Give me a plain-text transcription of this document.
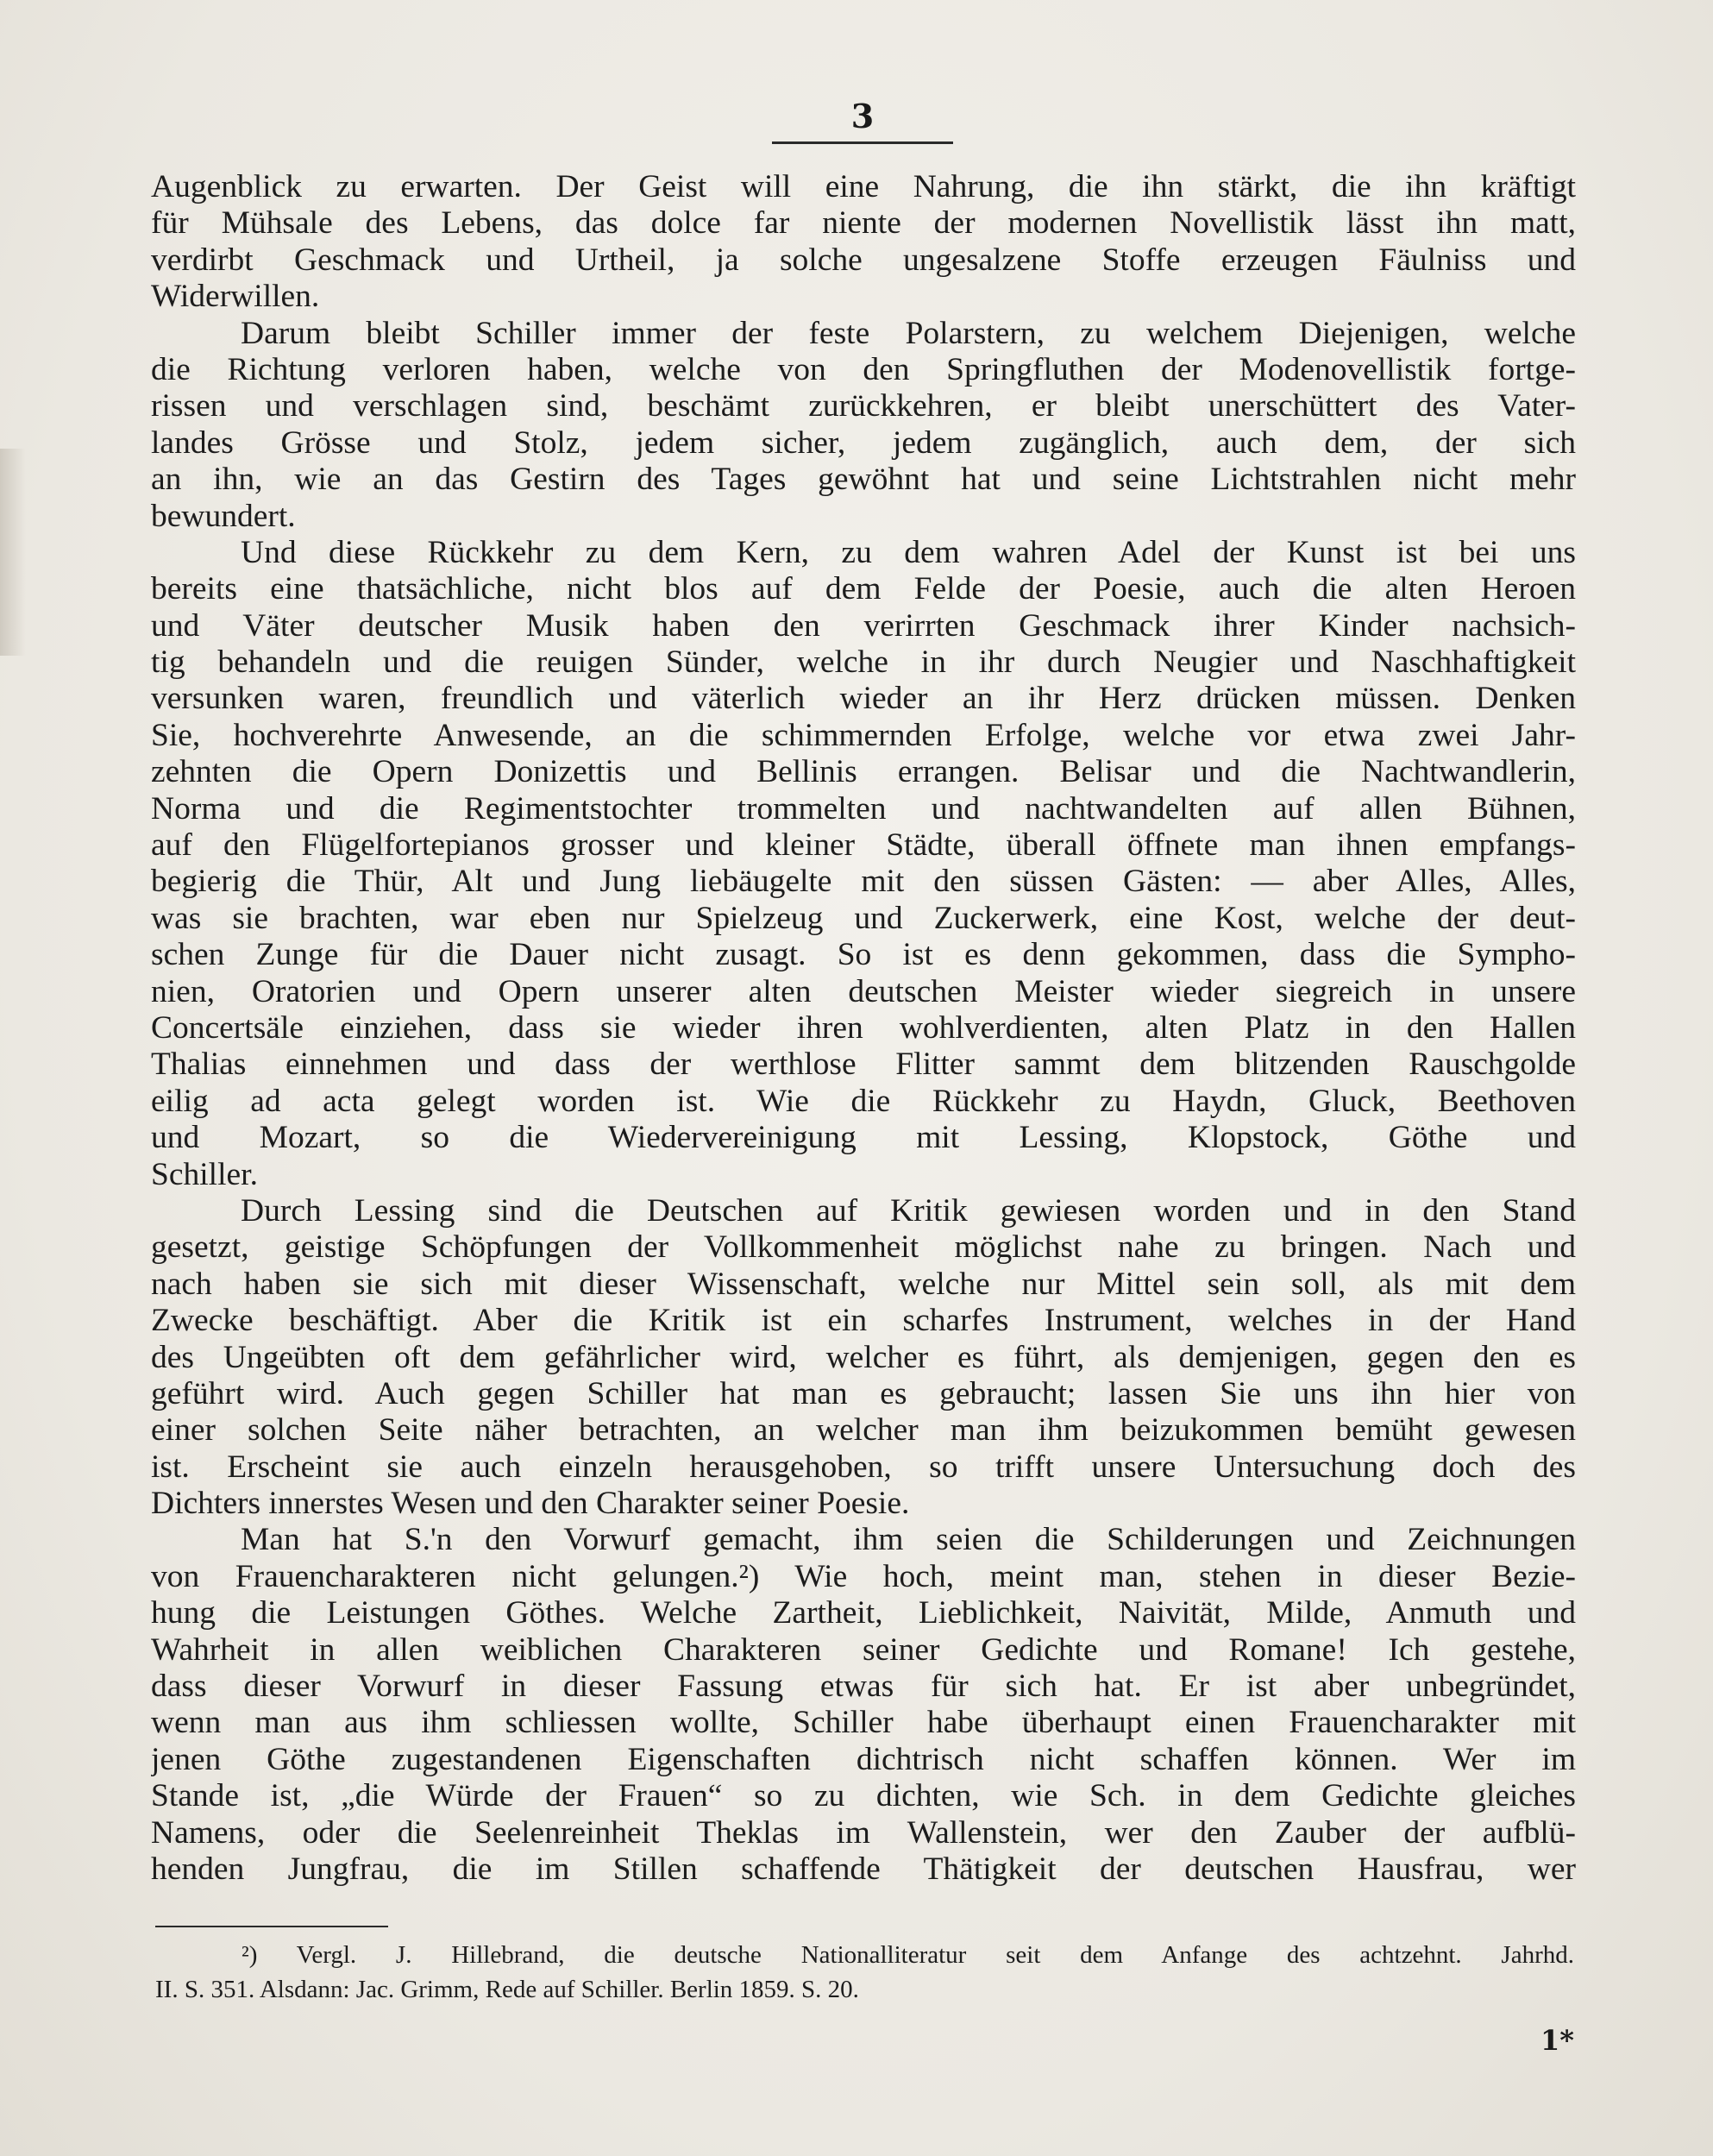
3
Augenblick zu erwarten. Der Geist will eine Nahrung, die ihn stärkt, die ihn kräftigt
für Mühsale des Lebens, das dolce far niente der modernen Novellistik lässt ihn matt,
verdirbt Geschmack und Urtheil, ja solche ungesalzene Stoffe erzeugen Fäulniss und
Widerwillen.
Darum bleibt Schiller immer der feste Polarstern, zu welchem Diejenigen, welche
die Richtung verloren haben, welche von den Springfluthen der Modenovellistik fortge-
rissen und verschlagen sind, beschämt zurückkehren, er bleibt unerschüttert des Vater-
landes Grösse und Stolz, jedem sicher, jedem zugänglich, auch dem, der sich
an ihn, wie an das Gestirn des Tages gewöhnt hat und seine Lichtstrahlen nicht mehr
bewundert.
Und diese Rückkehr zu dem Kern, zu dem wahren Adel der Kunst ist bei uns
bereits eine thatsächliche, nicht blos auf dem Felde der Poesie, auch die alten Heroen
und Väter deutscher Musik haben den verirrten Geschmack ihrer Kinder nachsich-
tig behandeln und die reuigen Sünder, welche in ihr durch Neugier und Naschhaftigkeit
versunken waren, freundlich und väterlich wieder an ihr Herz drücken müssen. Denken
Sie, hochverehrte Anwesende, an die schimmernden Erfolge, welche vor etwa zwei Jahr-
zehnten die Opern Donizettis und Bellinis errangen. Belisar und die Nachtwandlerin,
Norma und die Regimentstochter trommelten und nachtwandelten auf allen Bühnen,
auf den Flügelfortepianos grosser und kleiner Städte, überall öffnete man ihnen empfangs-
begierig die Thür, Alt und Jung liebäugelte mit den süssen Gästen: — aber Alles, Alles,
was sie brachten, war eben nur Spielzeug und Zuckerwerk, eine Kost, welche der deut-
schen Zunge für die Dauer nicht zusagt. So ist es denn gekommen, dass die Sympho-
nien, Oratorien und Opern unserer alten deutschen Meister wieder siegreich in unsere
Concertsäle einziehen, dass sie wieder ihren wohlverdienten, alten Platz in den Hallen
Thalias einnehmen und dass der werthlose Flitter sammt dem blitzenden Rauschgolde
eilig ad acta gelegt worden ist. Wie die Rückkehr zu Haydn, Gluck, Beethoven
und Mozart, so die Wiedervereinigung mit Lessing, Klopstock, Göthe und
Schiller.
Durch Lessing sind die Deutschen auf Kritik gewiesen worden und in den Stand
gesetzt, geistige Schöpfungen der Vollkommenheit möglichst nahe zu bringen. Nach und
nach haben sie sich mit dieser Wissenschaft, welche nur Mittel sein soll, als mit dem
Zwecke beschäftigt. Aber die Kritik ist ein scharfes Instrument, welches in der Hand
des Ungeübten oft dem gefährlicher wird, welcher es führt, als demjenigen, gegen den es
geführt wird. Auch gegen Schiller hat man es gebraucht; lassen Sie uns ihn hier von
einer solchen Seite näher betrachten, an welcher man ihm beizukommen bemüht gewesen
ist. Erscheint sie auch einzeln herausgehoben, so trifft unsere Untersuchung doch des
Dichters innerstes Wesen und den Charakter seiner Poesie.
Man hat S.'n den Vorwurf gemacht, ihm seien die Schilderungen und Zeichnungen
von Frauencharakteren nicht gelungen.²) Wie hoch, meint man, stehen in dieser Bezie-
hung die Leistungen Göthes. Welche Zartheit, Lieblichkeit, Naivität, Milde, Anmuth und
Wahrheit in allen weiblichen Charakteren seiner Gedichte und Romane! Ich gestehe,
dass dieser Vorwurf in dieser Fassung etwas für sich hat. Er ist aber unbegründet,
wenn man aus ihm schliessen wollte, Schiller habe überhaupt einen Frauencharakter mit
jenen Göthe zugestandenen Eigenschaften dichtrisch nicht schaffen können. Wer im
Stande ist, „die Würde der Frauen“ so zu dichten, wie Sch. in dem Gedichte gleiches
Namens, oder die Seelenreinheit Theklas im Wallenstein, wer den Zauber der aufblü-
henden Jungfrau, die im Stillen schaffende Thätigkeit der deutschen Hausfrau, wer
²) Vergl. J. Hillebrand, die deutsche Nationalliteratur seit dem Anfange des achtzehnt. Jahrhd.
II. S. 351. Alsdann: Jac. Grimm, Rede auf Schiller. Berlin 1859. S. 20.
1*
